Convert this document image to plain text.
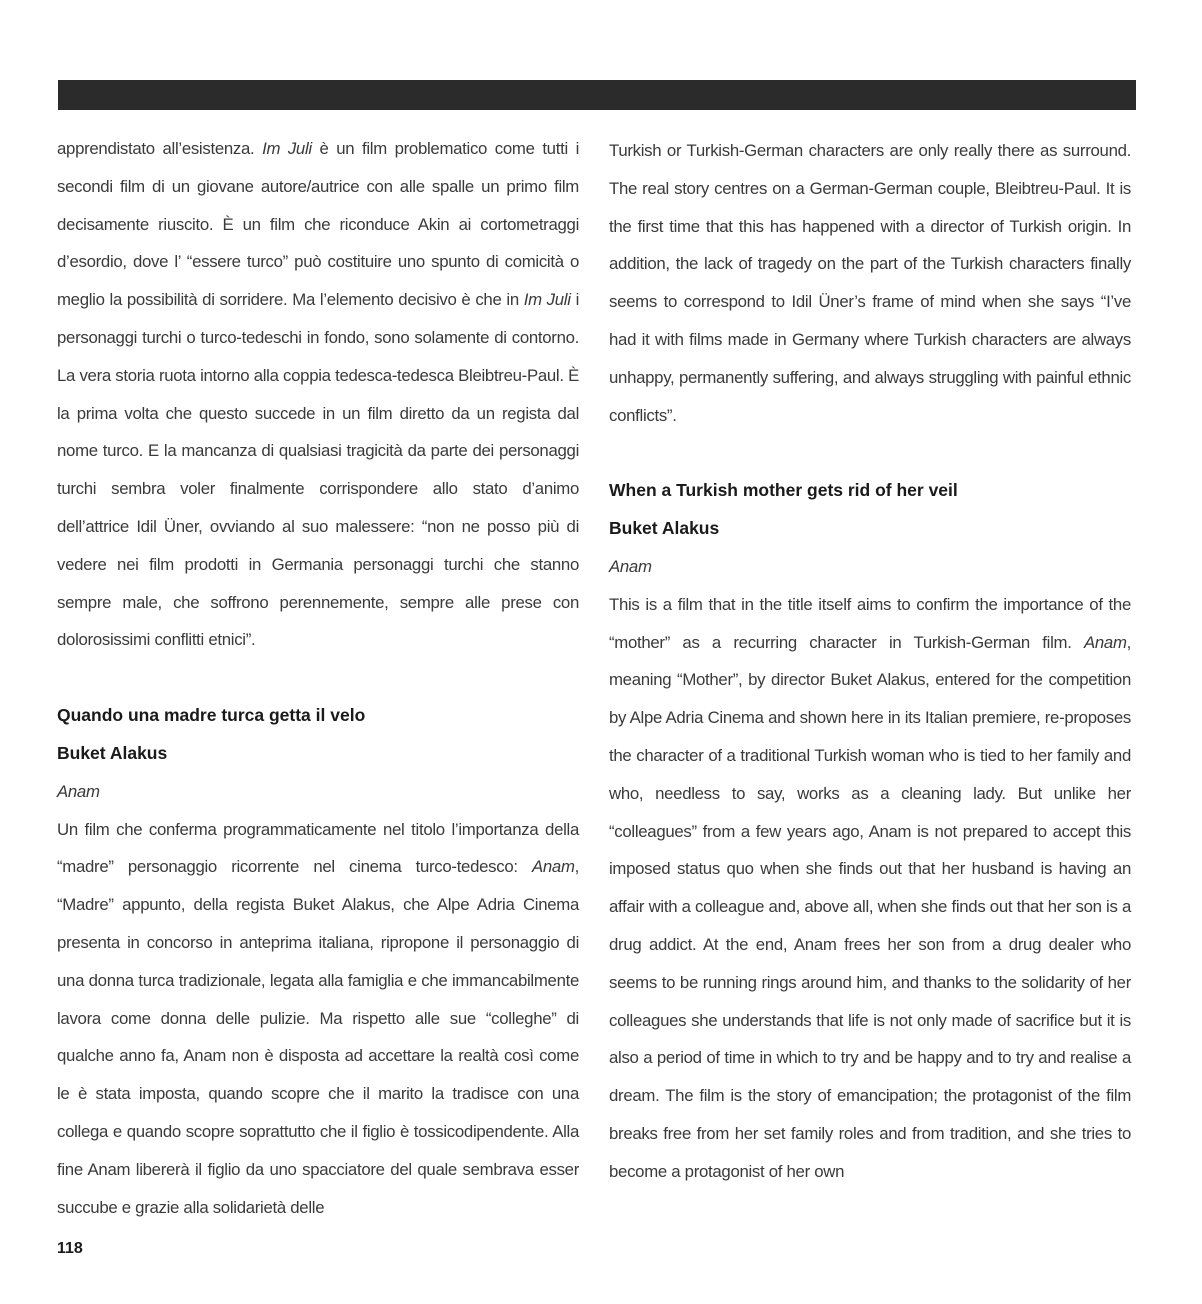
apprendistato all’esistenza. Im Juli è un film problematico come tutti i secondi film di un giovane autore/autrice con alle spalle un primo film decisamente riuscito. È un film che riconduce Akin ai cortometraggi d’esordio, dove l’ “essere turco” può costituire uno spunto di comicità o meglio la possibilità di sorridere. Ma l’elemento decisivo è che in Im Juli i personaggi turchi o turco-tedeschi in fondo, sono solamente di contorno. La vera storia ruota intorno alla coppia tedesca-tedesca Bleibtreu-Paul. È la prima volta che questo succede in un film diretto da un regista dal nome turco. E la mancanza di qualsiasi tragicità da parte dei personaggi turchi sembra voler finalmente corrispondere allo stato d’animo dell’attrice Idil Üner, ovviando al suo malessere: “non ne posso più di vedere nei film prodotti in Germania personaggi turchi che stanno sempre male, che soffrono perennemente, sempre alle prese con dolorosissimi conflitti etnici”.

Quando una madre turca getta il velo

Buket Alakus

Anam

Un film che conferma programmaticamente nel titolo l’importanza della “madre” personaggio ricorrente nel cinema turco-tedesco: Anam, “Madre” appunto, della regista Buket Alakus, che Alpe Adria Cinema presenta in concorso in anteprima italiana, ripropone il personaggio di una donna turca tradizionale, legata alla famiglia e che immancabilmente lavora come donna delle pulizie. Ma rispetto alle sue “colleghe” di qualche anno fa, Anam non è disposta ad accettare la realtà così come le è stata imposta, quando scopre che il marito la tradisce con una collega e quando scopre soprattutto che il figlio è tossicodipendente. Alla fine Anam libererà il figlio da uno spacciatore del quale sembrava esser succube e grazie alla solidarietà delle

Turkish or Turkish-German characters are only really there as surround. The real story centres on a German-German couple, Bleibtreu-Paul. It is the first time that this has happened with a director of Turkish origin. In addition, the lack of tragedy on the part of the Turkish characters finally seems to correspond to Idil Üner’s frame of mind when she says “I’ve had it with films made in Germany where Turkish characters are always unhappy, permanently suffering, and always struggling with painful ethnic conflicts”.

When a Turkish mother gets rid of her veil

Buket Alakus

Anam

This is a film that in the title itself aims to confirm the importance of the “mother” as a recurring character in Turkish-German film. Anam, meaning “Mother”, by director Buket Alakus, entered for the competition by Alpe Adria Cinema and shown here in its Italian premiere, re-proposes the character of a traditional Turkish woman who is tied to her family and who, needless to say, works as a cleaning lady. But unlike her “colleagues” from a few years ago, Anam is not prepared to accept this imposed status quo when she finds out that her husband is having an affair with a colleague and, above all, when she finds out that her son is a drug addict. At the end, Anam frees her son from a drug dealer who seems to be running rings around him, and thanks to the solidarity of her colleagues she understands that life is not only made of sacrifice but it is also a period of time in which to try and be happy and to try and realise a dream. The film is the story of emancipation; the protagonist of the film breaks free from her set family roles and from tradition, and she tries to become a protagonist of her own

118
